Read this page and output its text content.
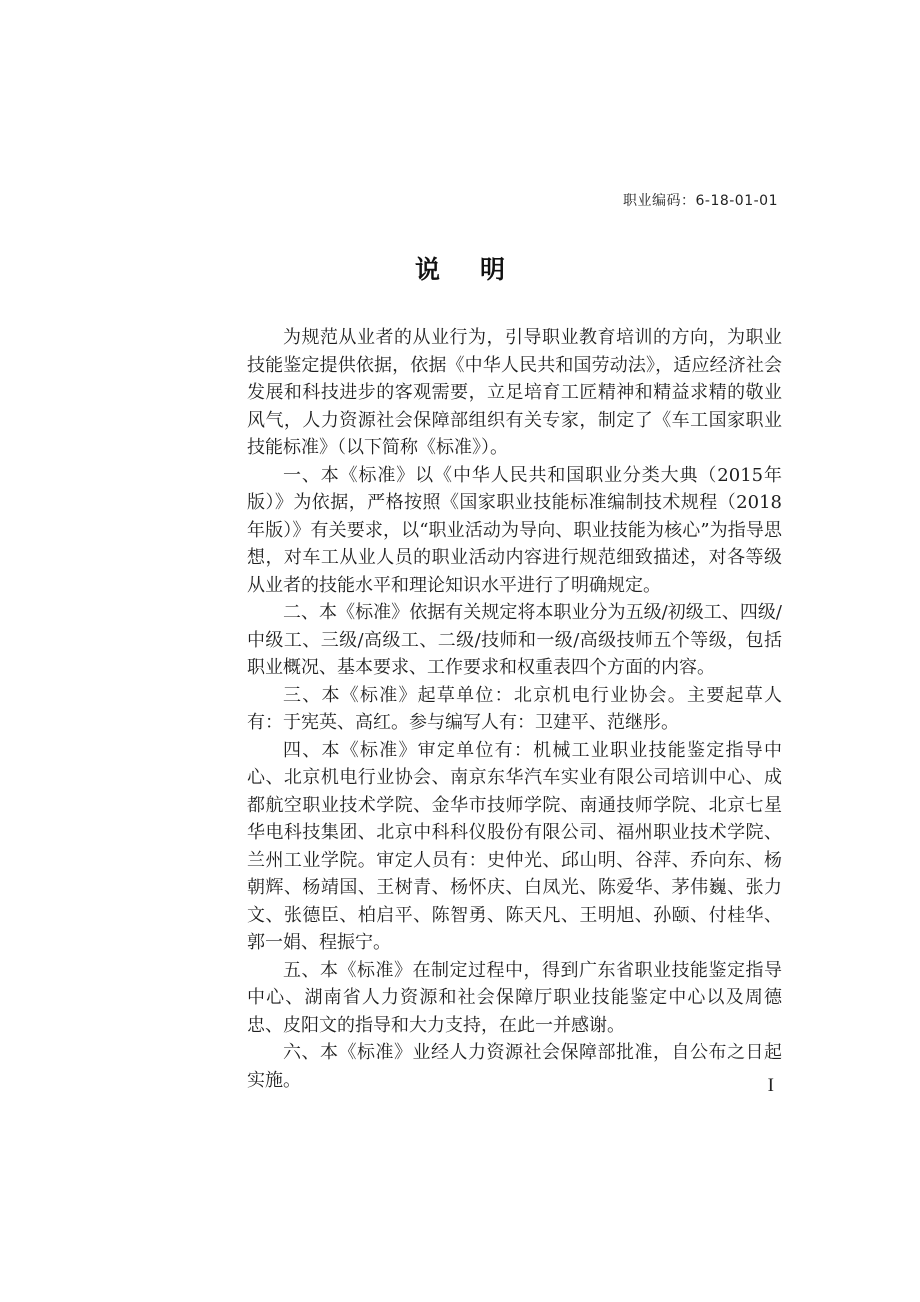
职业编码：6-18-01-01
说明

为规范从业者的从业行为，引导职业教育培训的方向，为职业技能鉴定提供依据，依据《中华人民共和国劳动法》，适应经济社会发展和科技进步的客观需要，立足培育工匠精神和精益求精的敬业风气，人力资源社会保障部组织有关专家，制定了《车工国家职业技能标准》（以下简称《标准》）。

一、本《标准》以《中华人民共和国职业分类大典（2015年版）》为依据，严格按照《国家职业技能标准编制技术规程（2018年版）》有关要求，以“职业活动为导向、职业技能为核心”为指导思想，对车工从业人员的职业活动内容进行规范细致描述，对各等级从业者的技能水平和理论知识水平进行了明确规定。

二、本《标准》依据有关规定将本职业分为五级/初级工、四级/中级工、三级/高级工、二级/技师和一级/高级技师五个等级，包括职业概况、基本要求、工作要求和权重表四个方面的内容。

三、本《标准》起草单位：北京机电行业协会。主要起草人有：于宪英、高红。参与编写人有：卫建平、范继彤。

四、本《标准》审定单位有：机械工业职业技能鉴定指导中心、北京机电行业协会、南京东华汽车实业有限公司培训中心、成都航空职业技术学院、金华市技师学院、南通技师学院、北京七星华电科技集团、北京中科科仪股份有限公司、福州职业技术学院、兰州工业学院。审定人员有：史仲光、邱山明、谷萍、乔向东、杨朝辉、杨靖国、王树青、杨怀庆、白凤光、陈爱华、茅伟巍、张力文、张德臣、柏启平、陈智勇、陈天凡、王明旭、孙颐、付桂华、郭一娟、程振宁。

五、本《标准》在制定过程中，得到广东省职业技能鉴定指导中心、湖南省人力资源和社会保障厅职业技能鉴定中心以及周德忠、皮阳文的指导和大力支持，在此一并感谢。

六、本《标准》业经人力资源社会保障部批准，自公布之日起实施。	I
